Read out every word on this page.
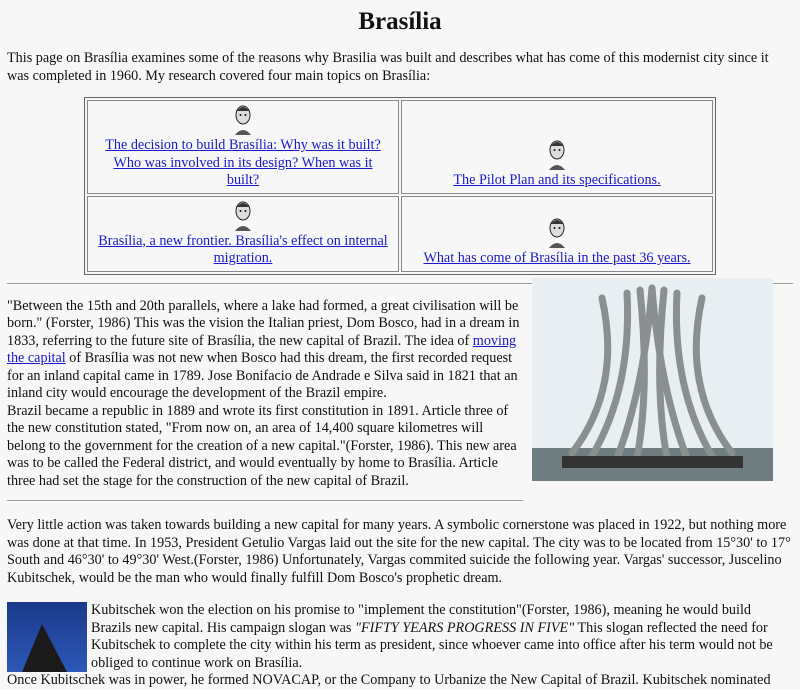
Brasília

This page on Brasília examines some of the reasons why Brasilia was built and describes what has come of this modernist city since it was completed in 1960. My research covered four main topics on Brasília:

The decision to build Brasília: Why was it built? Who was involved in its design? When was it built?	The Pilot Plan and its specifications.

Brasília, a new frontier. Brasília's effect on internal migration.	What has come of Brasília in the past 36 years.

"Between the 15th and 20th parallels, where a lake had formed, a great civilisation will be born." (Forster, 1986) This was the vision the Italian priest, Dom Bosco, had in a dream in 1833, referring to the future site of Brasília, the new capital of Brazil. The idea of moving the capital of Brasília was not new when Bosco had this dream, the first recorded request for an inland capital came in 1789. Jose Bonifacio de Andrade e Silva said in 1821 that an inland city would encourage the development of the Brazil empire.

Brazil became a republic in 1889 and wrote its first constitution in 1891. Article three of the new constitution stated, "From now on, an area of 14,400 square kilometres will belong to the government for the creation of a new capital."(Forster, 1986). This new area was to be called the Federal district, and would eventually by home to Brasília. Article three had set the stage for the construction of the new capital of Brazil.

Very little action was taken towards building a new capital for many years. A symbolic cornerstone was placed in 1922, but nothing more was done at that time. In 1953, President Getulio Vargas laid out the site for the new capital. The city was to be located from 15°30' to 17° South and 46°30' to 49°30' West.(Forster, 1986) Unfortunately, Vargas commited suicide the following year. Vargas' successor, Juscelino Kubitschek, would be the man who would finally fulfill Dom Bosco's prophetic dream.

Kubitschek won the election on his promise to "implement the constitution"(Forster, 1986), meaning he would build Brazils new capital. His campaign slogan was "FIFTY YEARS PROGRESS IN FIVE" This slogan reflected the need for Kubitschek to complete the city within his term as president, since whoever came into office after his term would not be obliged to continue work on Brasília.

Once Kubitschek was in power, he formed NOVACAP, or the Company to Urbanize the New Capital of Brazil. Kubitschek nominated
